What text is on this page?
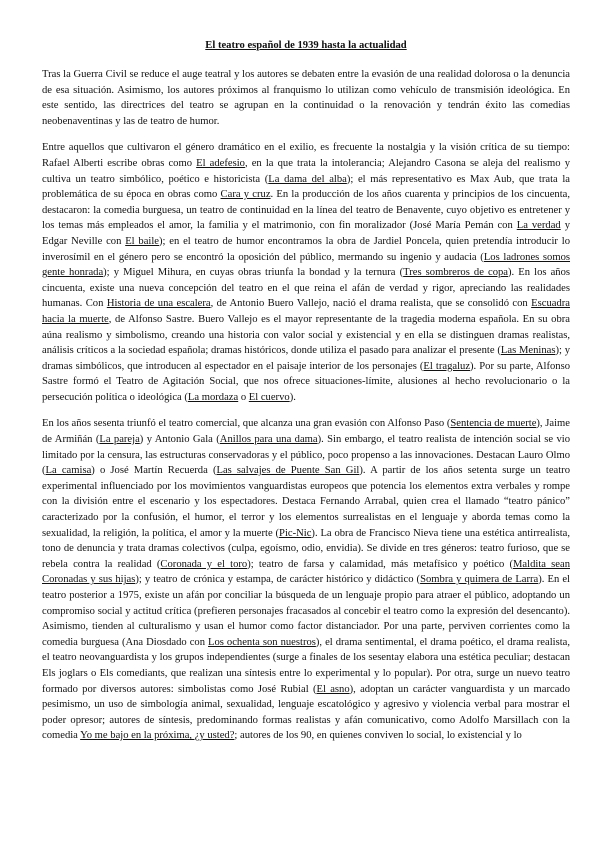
El teatro español de 1939 hasta la actualidad

Tras la Guerra Civil se reduce el auge teatral y los autores se debaten entre la evasión de una realidad dolorosa o la denuncia de esa situación. Asimismo, los autores próximos al franquismo lo utilizan como vehículo de transmisión ideológica. En este sentido, las directrices del teatro se agrupan en la continuidad o la renovación y tendrán éxito las comedias neobenaventinas y las de teatro de humor.

Entre aquellos que cultivaron el género dramático en el exilio, es frecuente la nostalgia y la visión crítica de su tiempo: Rafael Alberti escribe obras como El adefesio, en la que trata la intolerancia; Alejandro Casona se aleja del realismo y cultiva un teatro simbólico, poético e historicista (La dama del alba); el más representativo es Max Aub, que trata la problemática de su época en obras como Cara y cruz. En la producción de los años cuarenta y principios de los cincuenta, destacaron: la comedia burguesa, un teatro de continuidad en la línea del teatro de Benavente, cuyo objetivo es entretener y los temas más empleados el amor, la familia y el matrimonio, con fin moralizador (José María Pemán con La verdad y Edgar Neville con El baile); en el teatro de humor encontramos la obra de Jardiel Poncela, quien pretendía introducir lo inverosímil en el género pero se encontró la oposición del público, mermando su ingenio y audacia (Los ladrones somos gente honrada); y Miguel Mihura, en cuyas obras triunfa la bondad y la ternura (Tres sombreros de copa). En los años cincuenta, existe una nueva concepción del teatro en el que reina el afán de verdad y rigor, apreciando las realidades humanas. Con Historia de una escalera, de Antonio Buero Vallejo, nació el drama realista, que se consolidó con Escuadra hacia la muerte, de Alfonso Sastre. Buero Vallejo es el mayor representante de la tragedia moderna española. En su obra aúna realismo y simbolismo, creando una historia con valor social y existencial y en ella se distinguen dramas realistas, análisis críticos a la sociedad española; dramas históricos, donde utiliza el pasado para analizar el presente (Las Meninas); y dramas simbólicos, que introducen al espectador en el paisaje interior de los personajes (El tragaluz). Por su parte, Alfonso Sastre formó el Teatro de Agitación Social, que nos ofrece situaciones-límite, alusiones al hecho revolucionario o la persecución política o ideológica (La mordaza o El cuervo).

En los años sesenta triunfó el teatro comercial, que alcanza una gran evasión con Alfonso Paso (Sentencia de muerte), Jaime de Armiñán (La pareja) y Antonio Gala (Anillos para una dama). Sin embargo, el teatro realista de intención social se vio limitado por la censura, las estructuras conservadoras y el público, poco propenso a las innovaciones. Destacan Lauro Olmo (La camisa) o José Martín Recuerda (Las salvajes de Puente San Gil). A partir de los años setenta surge un teatro experimental influenciado por los movimientos vanguardistas europeos que potencia los elementos extra verbales y rompe con la división entre el escenario y los espectadores. Destaca Fernando Arrabal, quien crea el llamado “teatro pánico” caracterizado por la confusión, el humor, el terror y los elementos surrealistas en el lenguaje y aborda temas como la sexualidad, la religión, la política, el amor y la muerte (Pic-Nic). La obra de Francisco Nieva tiene una estética antirrealista, tono de denuncia y trata dramas colectivos (culpa, egoísmo, odio, envidia). Se divide en tres géneros: teatro furioso, que se rebela contra la realidad (Coronada y el toro); teatro de farsa y calamidad, más metafísico y poético (Maldita sean Coronadas y sus hijas); y teatro de crónica y estampa, de carácter histórico y didáctico (Sombra y quimera de Larra). En el teatro posterior a 1975, existe un afán por conciliar la búsqueda de un lenguaje propio para atraer el público, adoptando un compromiso social y actitud crítica (prefieren personajes fracasados al concebir el teatro como la expresión del desencanto). Asimismo, tienden al culturalismo y usan el humor como factor distanciador. Por una parte, perviven corrientes como la comedia burguesa (Ana Diosdado con Los ochenta son nuestros), el drama sentimental, el drama poético, el drama realista, el teatro neovanguardista y los grupos independientes (surge a finales de los sesentay elabora una estética peculiar; destacan Els joglars o Els comediants, que realizan una síntesis entre lo experimental y lo popular). Por otra, surge un nuevo teatro formado por diversos autores: simbolistas como José Rubial (El asno), adoptan un carácter vanguardista y un marcado pesimismo, un uso de simbología animal, sexualidad, lenguaje escatológico y agresivo y violencia verbal para mostrar el poder opresor; autores de síntesis, predominando formas realistas y afán comunicativo, como Adolfo Marsillach con la comedia Yo me bajo en la próxima, ¿y usted?; autores de los 90, en quienes conviven lo social, lo existencial y lo
